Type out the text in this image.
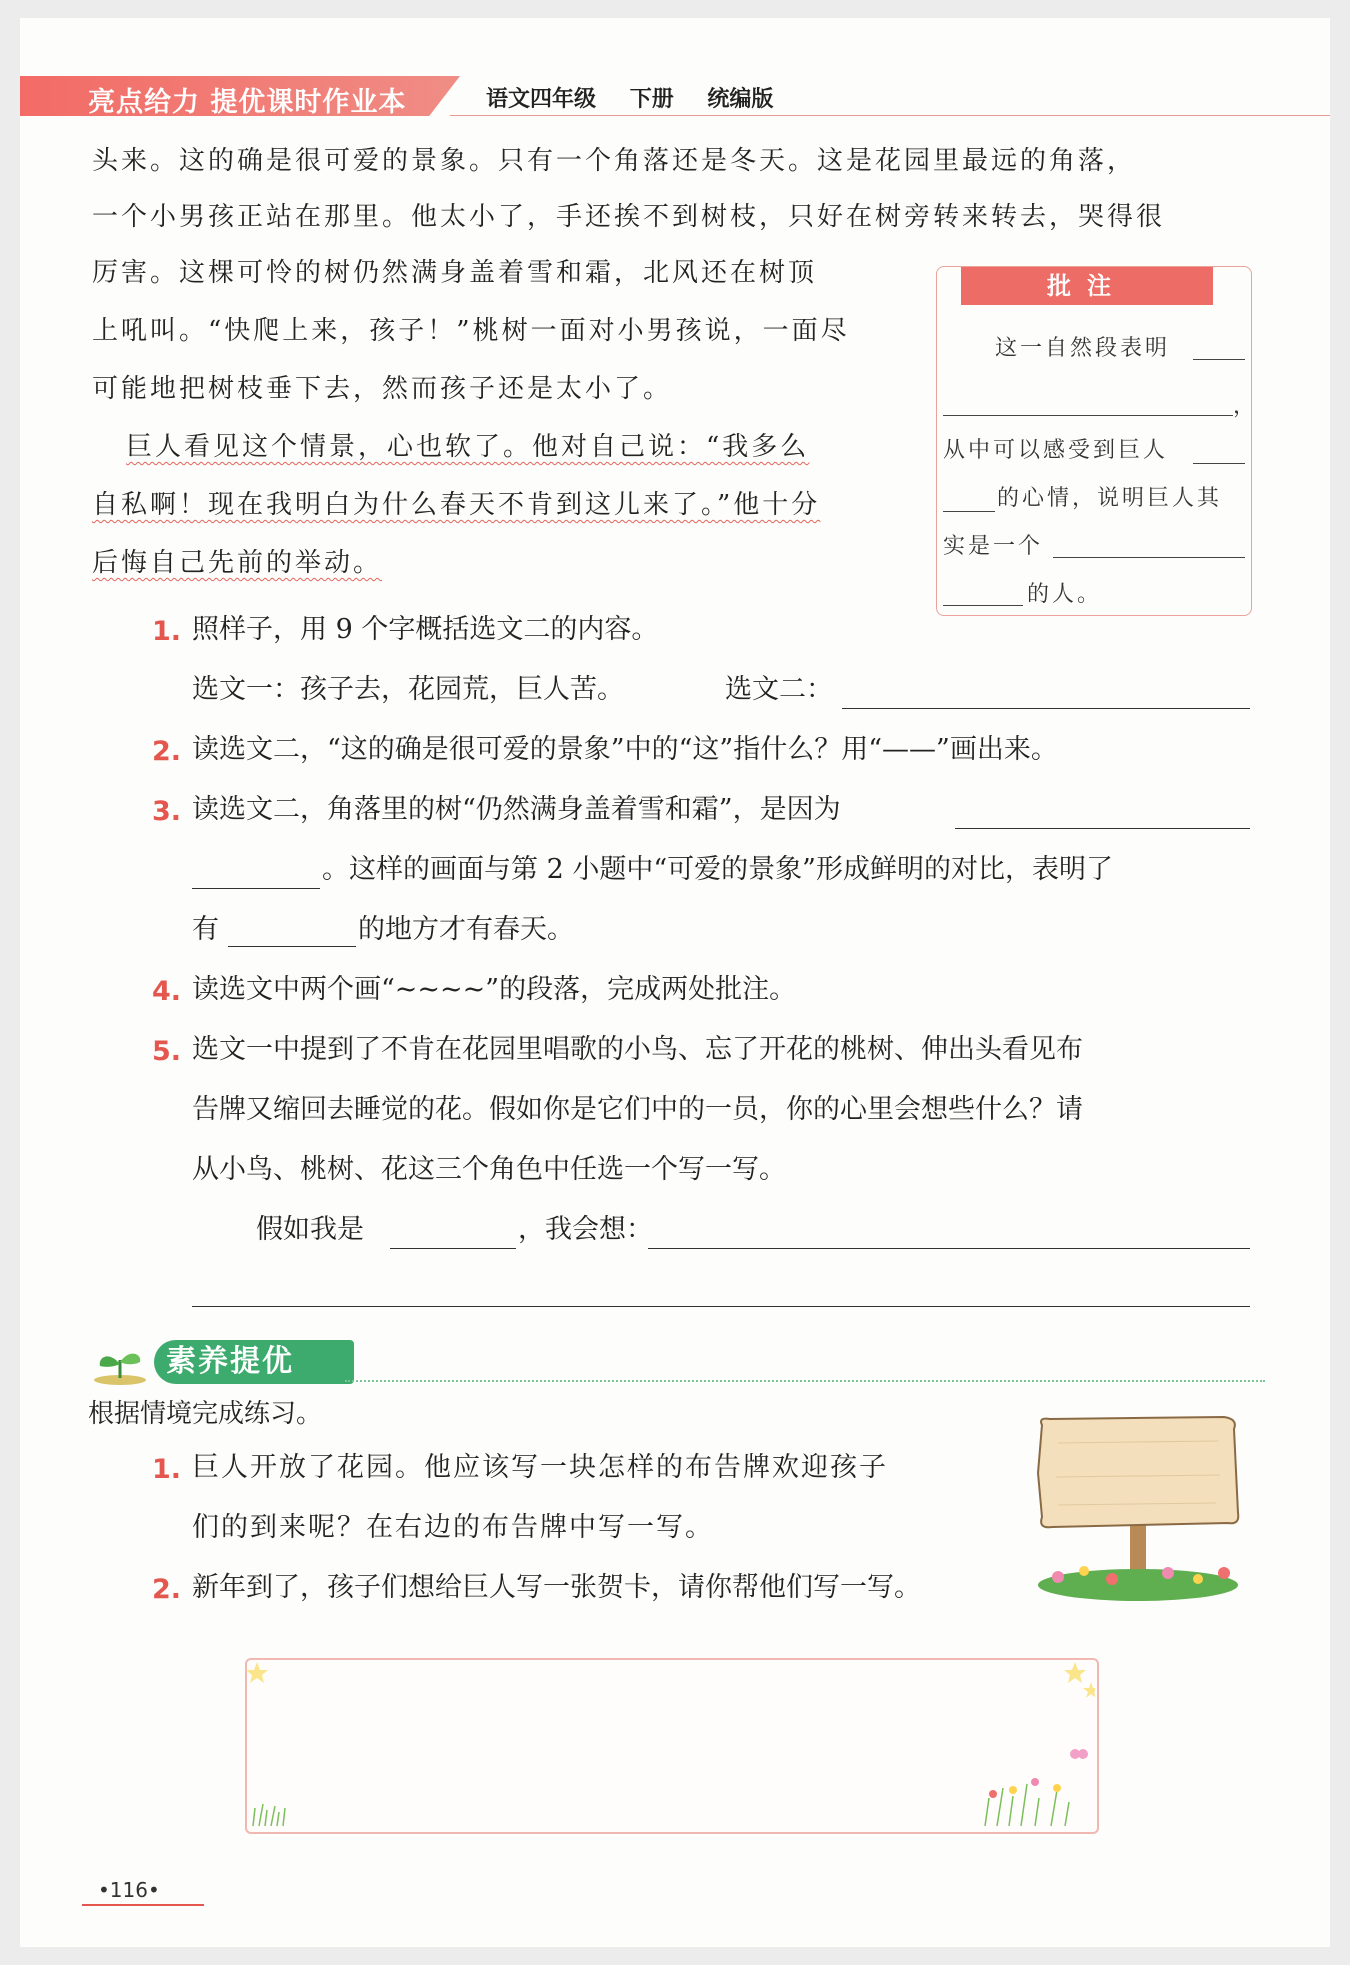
亮点给力 提优课时作业本	语文四年级 下册 统编版
头来。这的确是很可爱的景象。只有一个角落还是冬天。这是花园里最远的角落，
一个小男孩正站在那里。他太小了，手还挨不到树枝，只好在树旁转来转去，哭得很
厉害。这棵可怜的树仍然满身盖着雪和霜，北风还在树顶
上吼叫。“快爬上来，孩子！”桃树一面对小男孩说，一面尽
可能地把树枝垂下去，然而孩子还是太小了。
巨人看见这个情景，心也软了。他对自己说：“我多么
自私啊！现在我明白为什么春天不肯到这儿来了。”他十分
后悔自己先前的举动。
批注
这一自然段表明
，
从中可以感受到巨人
的心情，说明巨人其
实是一个
的人。
1. 照样子，用 9 个字概括选文二的内容。
选文一：孩子去，花园荒，巨人苦。	选文二：
2. 读选文二，“这的确是很可爱的景象”中的“这”指什么？用“——”画出来。
3. 读选文二，角落里的树“仍然满身盖着雪和霜”，是因为
。这样的画面与第 2 小题中“可爱的景象”形成鲜明的对比，表明了
有	的地方才有春天。
4. 读选文中两个画“~~~~”的段落，完成两处批注。
5. 选文一中提到了不肯在花园里唱歌的小鸟、忘了开花的桃树、伸出头看见布
告牌又缩回去睡觉的花。假如你是它们中的一员，你的心里会想些什么？请
从小鸟、桃树、花这三个角色中任选一个写一写。
假如我是	，我会想：
素养提优
根据情境完成练习。
1. 巨人开放了花园。他应该写一块怎样的布告牌欢迎孩子
们的到来呢？在右边的布告牌中写一写。
2. 新年到了，孩子们想给巨人写一张贺卡，请你帮他们写一写。
•116•
